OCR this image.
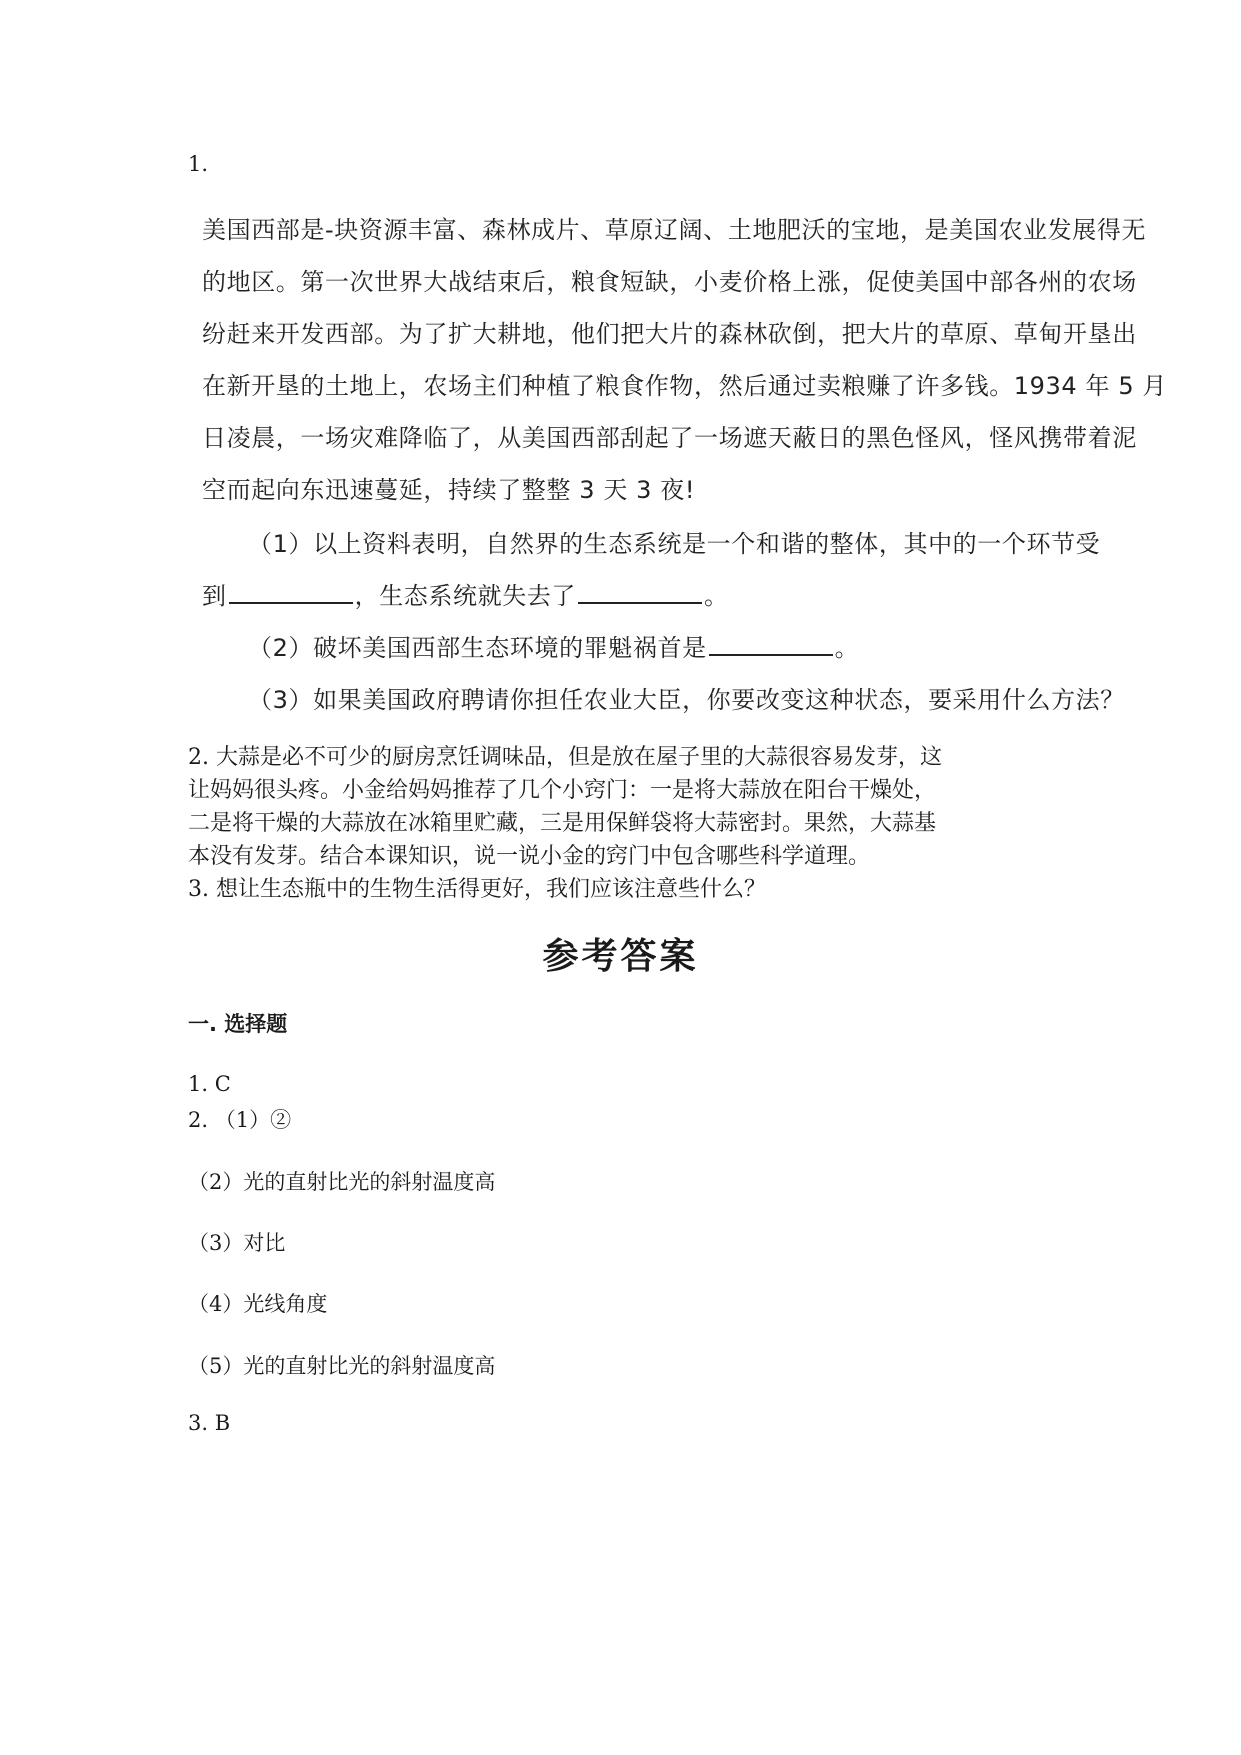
1.
美国西部是-块资源丰富、森林成片、草原辽阔、土地肥沃的宝地，是美国农业发展得无
的地区。第一次世界大战结束后，粮食短缺，小麦价格上涨，促使美国中部各州的农场
纷赶来开发西部。为了扩大耕地，他们把大片的森林砍倒，把大片的草原、草甸开垦出
在新开垦的土地上，农场主们种植了粮食作物，然后通过卖粮赚了许多钱。1934 年 5 月
日凌晨，一场灾难降临了，从美国西部刮起了一场遮天蔽日的黑色怪风，怪风携带着泥
空而起向东迅速蔓延，持续了整整 3 天 3 夜!
（1）以上资料表明，自然界的生态系统是一个和谐的整体，其中的一个环节受
到	，生态系统就失去了	。
（2）破坏美国西部生态环境的罪魁祸首是	。
（3）如果美国政府聘请你担任农业大臣，你要改变这种状态，要采用什么方法？
2. 大蒜是必不可少的厨房烹饪调味品，但是放在屋子里的大蒜很容易发芽，这
让妈妈很头疼。小金给妈妈推荐了几个小窍门：一是将大蒜放在阳台干燥处，
二是将干燥的大蒜放在冰箱里贮藏，三是用保鲜袋将大蒜密封。果然，大蒜基
本没有发芽。结合本课知识，说一说小金的窍门中包含哪些科学道理。
3. 想让生态瓶中的生物生活得更好，我们应该注意些什么？
参考答案
一. 选择题
1. C
2. （1）②
（2）光的直射比光的斜射温度高
（3）对比
（4）光线角度
（5）光的直射比光的斜射温度高
3. B
